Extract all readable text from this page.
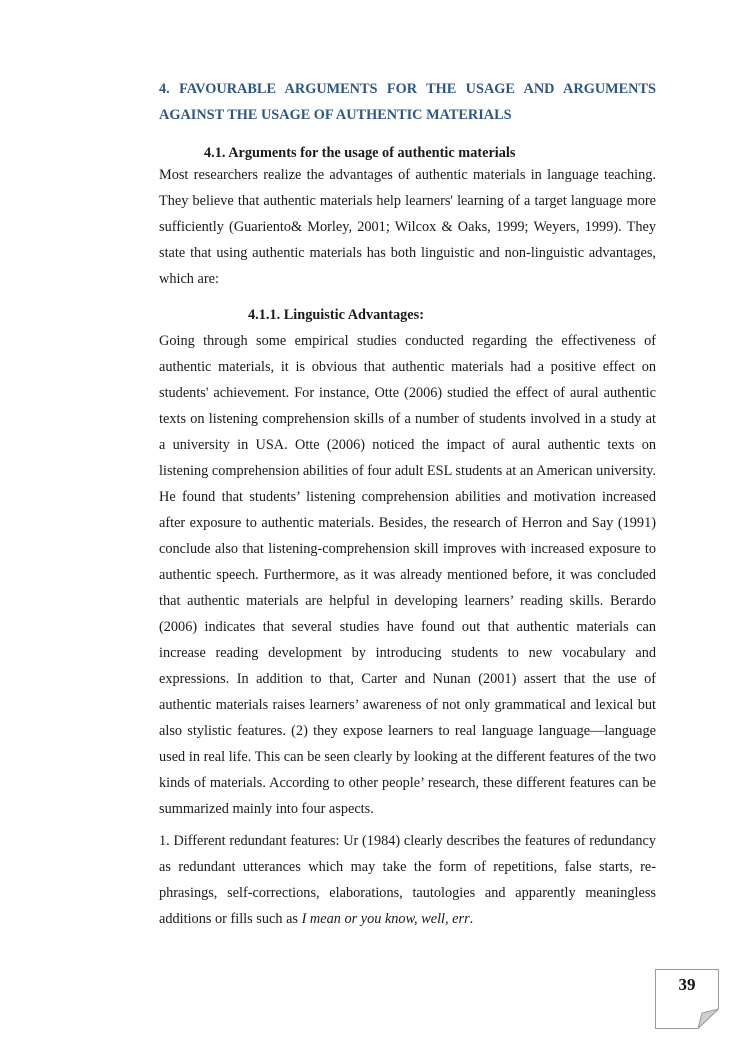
4. FAVOURABLE ARGUMENTS FOR THE USAGE AND ARGUMENTS AGAINST THE USAGE OF AUTHENTIC MATERIALS
4.1. Arguments for the usage of authentic materials

Most researchers realize the advantages of authentic materials in language teaching. They believe that authentic materials help learners' learning of a target language more sufficiently (Guariento& Morley, 2001; Wilcox & Oaks, 1999; Weyers, 1999). They state that using authentic materials has both linguistic and non-linguistic advantages, which are:

4.1.1. Linguistic Advantages:

Going through some empirical studies conducted regarding the effectiveness of authentic materials, it is obvious that authentic materials had a positive effect on students' achievement. For instance, Otte (2006) studied the effect of aural authentic texts on listening comprehension skills of a number of students involved in a study at a university in USA. Otte (2006) noticed the impact of aural authentic texts on listening comprehension abilities of four adult ESL students at an American university. He found that students’ listening comprehension abilities and motivation increased after exposure to authentic materials. Besides, the research of Herron and Say (1991) conclude also that listening-comprehension skill improves with increased exposure to authentic speech. Furthermore, as it was already mentioned before, it was concluded that authentic materials are helpful in developing learners’ reading skills. Berardo (2006) indicates that several studies have found out that authentic materials can increase reading development by introducing students to new vocabulary and expressions. In addition to that, Carter and Nunan (2001) assert that the use of authentic materials raises learners’ awareness of not only grammatical and lexical but also stylistic features. (2) they expose learners to real language language—language used in real life. This can be seen clearly by looking at the different features of the two kinds of materials. According to other people’ research, these different features can be summarized mainly into four aspects.

1. Different redundant features: Ur (1984) clearly describes the features of redundancy as redundant utterances which may take the form of repetitions, false starts, re-phrasings, self-corrections, elaborations, tautologies and apparently meaningless additions or fills such as I mean or you know, well, err.

39
